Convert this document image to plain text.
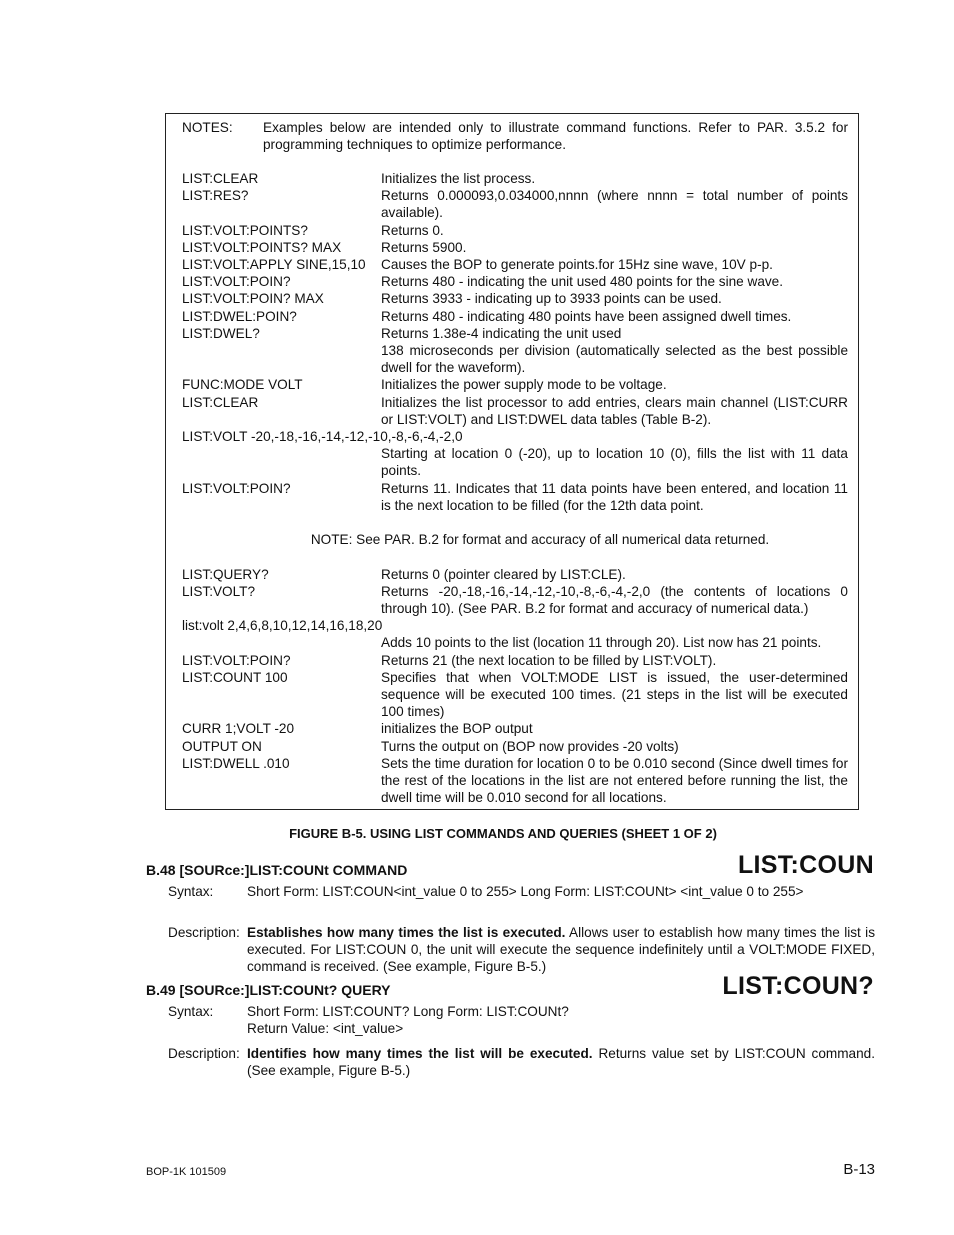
NOTES: Examples below are intended only to illustrate command functions. Refer to PAR. 3.5.2 for programming techniques to optimize performance.
LIST:CLEAR	Initializes the list process.
LIST:RES?	Returns 0.000093,0.034000,nnnn (where nnnn = total number of points available).
LIST:VOLT:POINTS?	Returns 0.
LIST:VOLT:POINTS? MAX	Returns 5900.
LIST:VOLT:APPLY SINE,15,10	Causes the BOP to generate points.for 15Hz sine wave, 10V p-p.
LIST:VOLT:POIN?	Returns 480 - indicating the unit used 480 points for the sine wave.
LIST:VOLT:POIN? MAX	Returns 3933 - indicating up to 3933 points can be used.
LIST:DWEL:POIN?	Returns 480 - indicating 480 points have been assigned dwell times.
LIST:DWEL?	Returns 1.38e-4 indicating the unit used
138 microseconds per division (automatically selected as the best possible dwell for the waveform).
FUNC:MODE VOLT	Initializes the power supply mode to be voltage.
LIST:CLEAR	Initializes the list processor to add entries, clears main channel (LIST:CURR or LIST:VOLT) and LIST:DWEL data tables (Table B-2).
LIST:VOLT -20,-18,-16,-14,-12,-10,-8,-6,-4,-2,0
Starting at location 0 (-20), up to location 10 (0), fills the list with 11 data points.
LIST:VOLT:POIN?	Returns 11. Indicates that 11 data points have been entered, and location 11 is the next location to be filled (for the 12th data point.
NOTE: See PAR. B.2 for format and accuracy of all numerical data returned.
LIST:QUERY?	Returns 0 (pointer cleared by LIST:CLE).
LIST:VOLT?	Returns -20,-18,-16,-14,-12,-10,-8,-6,-4,-2,0 (the contents of locations 0 through 10). (See PAR. B.2 for format and accuracy of numerical data.)
list:volt 2,4,6,8,10,12,14,16,18,20
Adds 10 points to the list (location 11 through 20). List now has 21 points.
LIST:VOLT:POIN?	Returns 21 (the next location to be filled by LIST:VOLT).
LIST:COUNT 100	Specifies that when VOLT:MODE LIST is issued, the user-determined sequence will be executed 100 times. (21 steps in the list will be executed 100 times)
CURR 1;VOLT -20	initializes the BOP output
OUTPUT ON	Turns the output on (BOP now provides -20 volts)
LIST:DWELL .010	Sets the time duration for location 0 to be 0.010 second (Since dwell times for the rest of the locations in the list are not entered before running the list, the dwell time will be 0.010 second for all locations.
FIGURE B-5. USING LIST COMMANDS AND QUERIES (SHEET 1 OF 2)
B.48 [SOURce:]LIST:COUNt COMMAND	LIST:COUN
Syntax: Short Form: LIST:COUN<int_value 0 to 255> Long Form: LIST:COUNt> <int_value 0 to 255>
Description: Establishes how many times the list is executed. Allows user to establish how many times the list is executed. For LIST:COUN 0, the unit will execute the sequence indefinitely until a VOLT:MODE FIXED, command is received. (See example, Figure B-5.)
B.49 [SOURce:]LIST:COUNt? QUERY	LIST:COUN?
Syntax: Short Form: LIST:COUNT? Long Form: LIST:COUNt?
Return Value: <int_value>
Description: Identifies how many times the list will be executed. Returns value set by LIST:COUN command. (See example, Figure B-5.)
BOP-1K 101509	B-13
